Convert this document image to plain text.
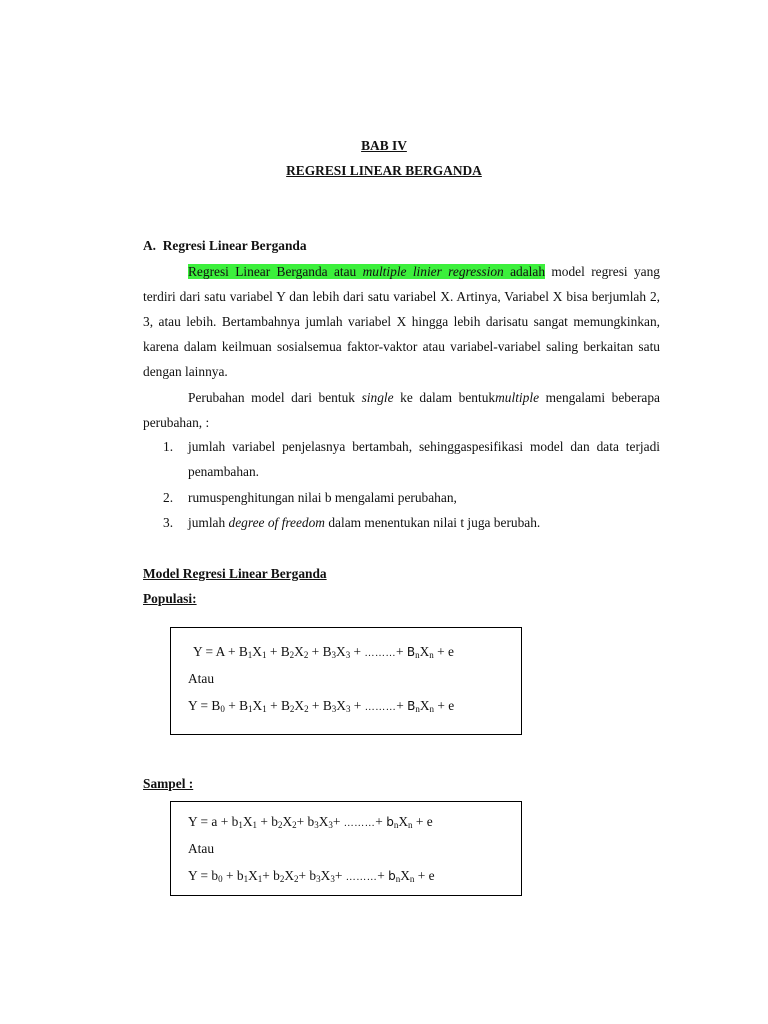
BAB IV
REGRESI LINEAR BERGANDA
A. Regresi Linear Berganda
Regresi Linear Berganda atau multiple linier regression adalah model regresi yang terdiri dari satu variabel Y dan lebih dari satu variabel X. Artinya, Variabel X bisa berjumlah 2, 3, atau lebih. Bertambahnya jumlah variabel X hingga lebih darisatu sangat memungkinkan, karena dalam keilmuan sosialsemua faktor-vaktor atau variabel-variabel saling berkaitan satu dengan lainnya.
Perubahan model dari bentuk single ke dalam bentukmultiple mengalami beberapa perubahan, :
1. jumlah variabel penjelasnya bertambah, sehinggaspesifikasi model dan data terjadi penambahan.
2. rumuspenghitungan nilai b mengalami perubahan,
3. jumlah degree of freedom dalam menentukan nilai t juga berubah.
Model Regresi Linear Berganda
Populasi:
$Y = A + B_1X_1 + B_2X_2 + B_3X_3$ + ………+ $B_nX_n + e$
Atau
$Y = B_0 + B_1X_1 + B_2X_2 + B_3X_3$ + ………+ $B_nX_n + e$
Sampel :
$Y = a + b_1X_1 + b_2X_2+ b_3X_3+$ ………+ $b_nX_n + e$
Atau
$Y = b_0 + b_1X_1+ b_2X_2+ b_3X_3+$ ………+ $b_nX_n + e$
